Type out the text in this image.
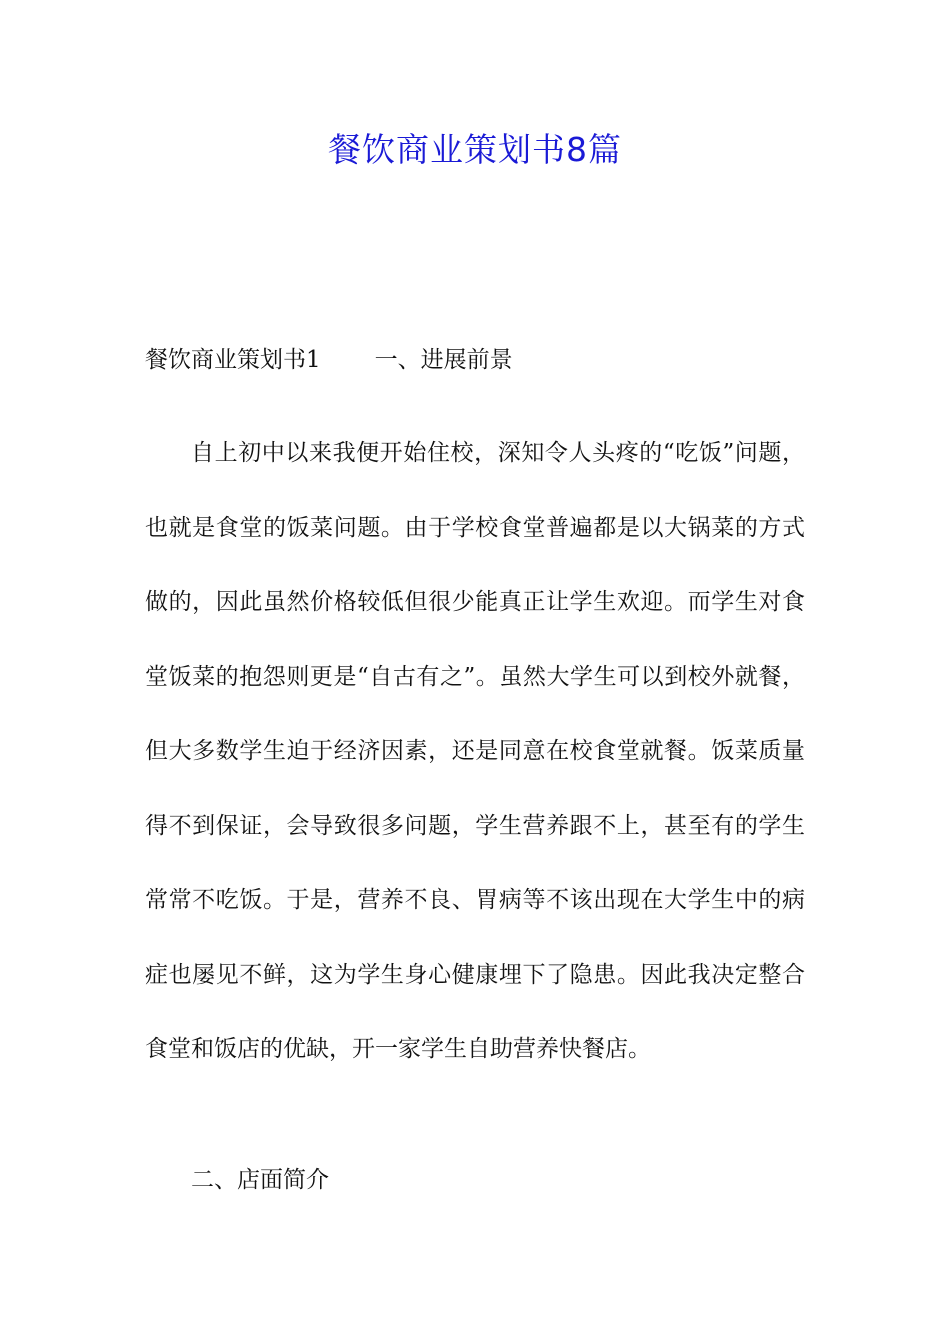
餐饮商业策划书8篇
餐饮商业策划书1 一、进展前景

自上初中以来我便开始住校，深知令人头疼的“吃饭”问题，也就是食堂的饭菜问题。由于学校食堂普遍都是以大锅菜的方式做的，因此虽然价格较低但很少能真正让学生欢迎。而学生对食堂饭菜的抱怨则更是“自古有之”。虽然大学生可以到校外就餐，但大多数学生迫于经济因素，还是同意在校食堂就餐。饭菜质量得不到保证，会导致很多问题，学生营养跟不上，甚至有的学生常常不吃饭。于是，营养不良、胃病等不该出现在大学生中的病症也屡见不鲜，这为学生身心健康埋下了隐患。因此我决定整合食堂和饭店的优缺，开一家学生自助营养快餐店。

二、店面简介
